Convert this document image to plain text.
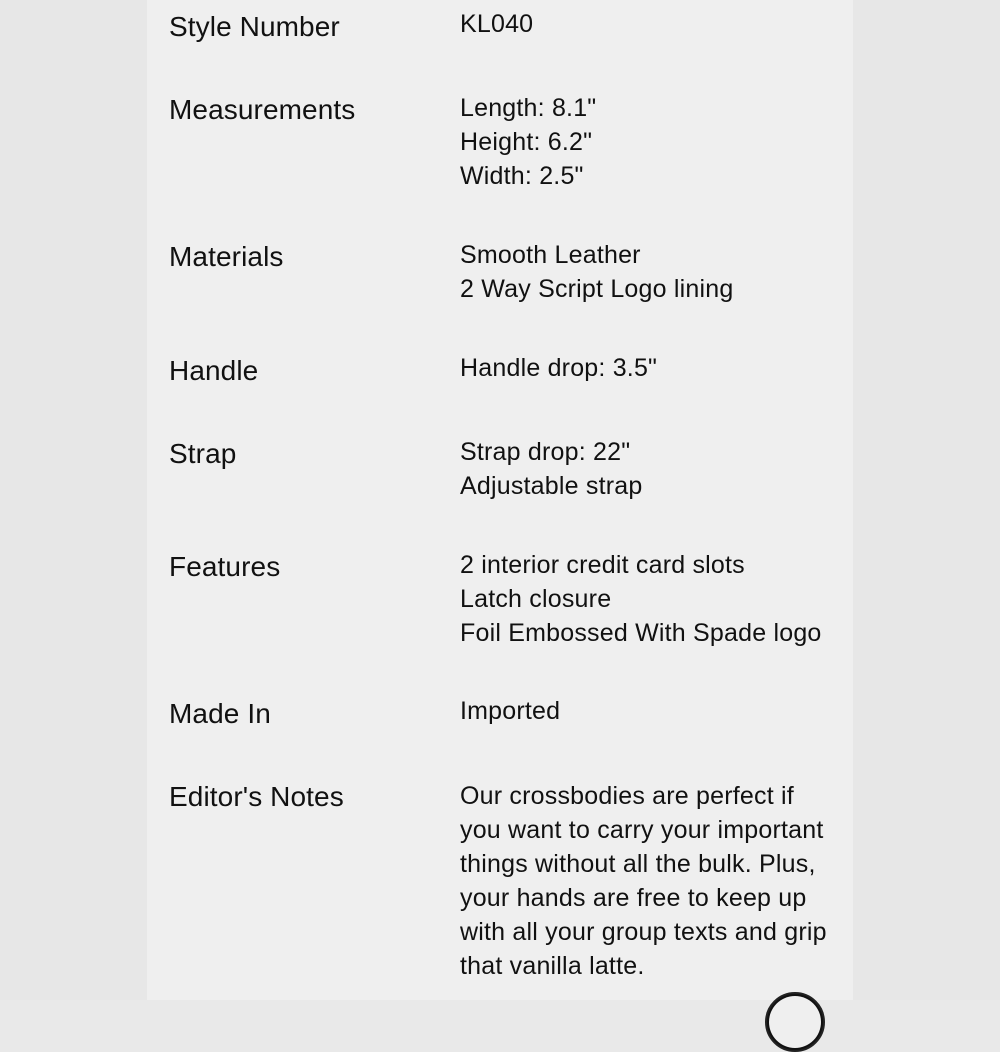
Style Number	KL040
Measurements	Length: 8.1"
Height: 6.2"
Width: 2.5"
Materials	Smooth Leather
2 Way Script Logo lining
Handle	Handle drop: 3.5"
Strap	Strap drop: 22"
Adjustable strap
Features	2 interior credit card slots
Latch closure
Foil Embossed With Spade logo
Made In	Imported
Editor's Notes	Our crossbodies are perfect if you want to carry your important things without all the bulk. Plus, your hands are free to keep up with all your group texts and grip that vanilla latte.
